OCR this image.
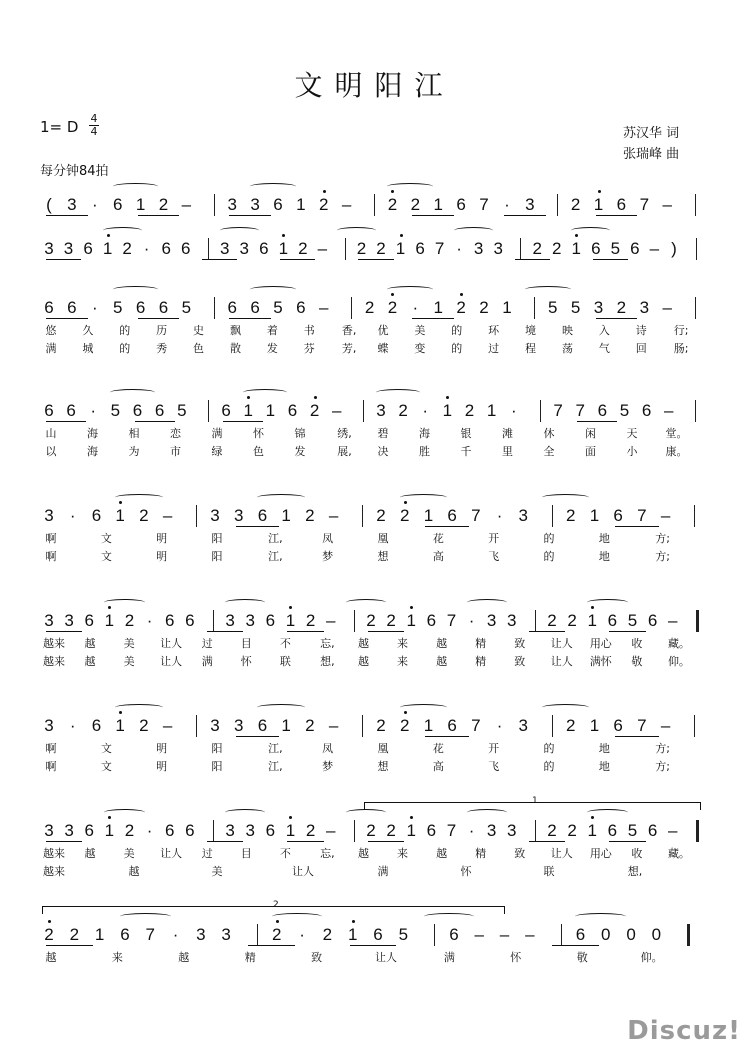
文明阳江
1= D 4
4
每分钟84拍
苏汉华 词
张瑞峰 曲
( 3 · 6 1 2 – 3 3 6 1 2 – 2 2 1 6 7 · 3 2 1 6 7 –
3 3 6 1 2 · 6 6 3 3 6 1 2 – 2 2 1 6 7 · 3 3 2 2 1 6 5 6 – )
6 6 · 5 6 6 5 6 6 5 6 – 2 2 · 1 2 2 1 5 5 3 2 3 –
悠	久	的	历	史	飘	着	书	香,	优	美	的	环	境	映	入	诗	行;
满	城	的	秀	色	散	发	芬	芳,	蝶	变	的	过	程	荡	气	回	肠;
6 6 · 5 6 6 5 6 1 1 6 2 – 3 2 · 1 2 1 · 7 7 6 5 6 –
山	海	相	恋	满	怀	锦	绣,	碧	海	银	滩	休	闲	天	堂。
以	海	为	市	绿	色	发	展,	决	胜	千	里	全	面	小	康。
3 · 6 1 2 – 3 3 6 1 2 – 2 2 1 6 7 · 3 2 1 6 7 –
啊	文	明	阳	江,	凤	凰	花	开	的	地	方;
啊	文	明	阳	江,	梦	想	高	飞	的	地	方;
3 3 6 1 2 · 6 6 3 3 6 1 2 – 2 2 1 6 7 · 3 3 2 2 1 6 5 6 –
越来	越	美	让人	过	目	不	忘,	越	来	越	精	致	让人 用心	收	藏。
越来	越	美	让人	满	怀	联	想,	越	来	越	精	致	让人 满怀	敬	仰。
3 · 6 1 2 – 3 3 6 1 2 – 2 2 1 6 7 · 3 2 1 6 7 –
啊	文	明	阳	江,	凤	凰	花	开	的	地	方;
啊	文	明	阳	江,	梦	想	高	飞	的	地	方;
3 3 6 1 2 · 6 6 3 3 6 1 2 – 2 2 1 6 7 · 3 3 2 2 1 6 5 6 –
越来	越	美	让人	过	目	不	忘,	越	来	越	精	致	让人 用心	收	藏。
越来	越	美	让人	满	怀	联	想,
1
2 2 1 6 7 · 3 3 2 · 2 1 6 5 6 – – – 6 0 0 0
越	来	越	精	致	让人	满	怀	敬	仰。
2
Discuz!
